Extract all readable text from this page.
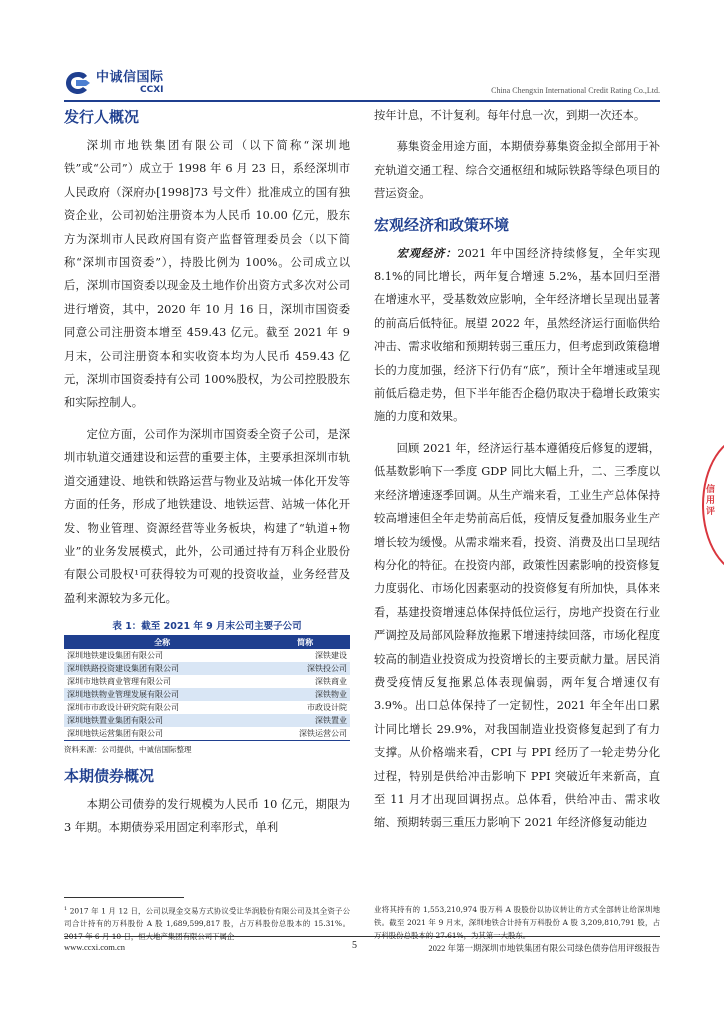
中诚信国际
CCXI	China Chengxin International Credit Rating Co.,Ltd.
发行人概况

深圳市地铁集团有限公司（以下简称“深圳地铁”或“公司”）成立于 1998 年 6 月 23 日，系经深圳市人民政府（深府办[1998]73 号文件）批准成立的国有独资企业，公司初始注册资本为人民币 10.00 亿元，股东方为深圳市人民政府国有资产监督管理委员会（以下简称“深圳市国资委”），持股比例为 100%。公司成立以后，深圳市国资委以现金及土地作价出资方式多次对公司进行增资，其中，2020 年 10 月 16 日，深圳市国资委同意公司注册资本增至 459.43 亿元。截至 2021 年 9 月末，公司注册资本和实收资本均为人民币 459.43 亿元，深圳市国资委持有公司 100%股权，为公司控股股东和实际控制人。

定位方面，公司作为深圳市国资委全资子公司，是深圳市轨道交通建设和运营的重要主体，主要承担深圳市轨道交通建设、地铁和铁路运营与物业及站城一体化开发等方面的任务，形成了地铁建设、地铁运营、站城一体化开发、物业管理、资源经营等业务板块，构建了“轨道+物业”的业务发展模式，此外，公司通过持有万科企业股份有限公司股权¹可获得较为可观的投资收益，业务经营及盈利来源较为多元化。

表 1：截至 2021 年 9 月末公司主要子公司
全称	简称
深圳地铁建设集团有限公司	深铁建设
深圳铁路投资建设集团有限公司	深铁投公司
深圳市地铁商业管理有限公司	深铁商业
深圳地铁物业管理发展有限公司	深铁物业
深圳市市政设计研究院有限公司	市政设计院
深圳地铁置业集团有限公司	深铁置业
深圳地铁运营集团有限公司	深铁运营公司
资料来源：公司提供，中诚信国际整理
本期债券概况

本期公司债券的发行规模为人民币 10 亿元，期限为 3 年期。本期债券采用固定利率形式，单利

按年计息，不计复利。每年付息一次，到期一次还本。

募集资金用途方面，本期债券募集资金拟全部用于补充轨道交通工程、综合交通枢纽和城际铁路等绿色项目的营运资金。

宏观经济和政策环境

宏观经济：2021 年中国经济持续修复，全年实现 8.1%的同比增长，两年复合增速 5.2%，基本回归至潜在增速水平，受基数效应影响，全年经济增长呈现出显著的前高后低特征。展望 2022 年，虽然经济运行面临供给冲击、需求收缩和预期转弱三重压力，但考虑到政策稳增长的力度加强，经济下行仍有“底”，预计全年增速或呈现前低后稳走势，但下半年能否企稳仍取决于稳增长政策实施的力度和效果。

回顾 2021 年，经济运行基本遵循疫后修复的逻辑，低基数影响下一季度 GDP 同比大幅上升，二、三季度以来经济增速逐季回调。从生产端来看，工业生产总体保持较高增速但全年走势前高后低，疫情反复叠加服务业生产增长较为缓慢。从需求端来看，投资、消费及出口呈现结构分化的特征。在投资内部，政策性因素影响的投资修复力度弱化、市场化因素驱动的投资修复有所加快，具体来看，基建投资增速总体保持低位运行，房地产投资在行业严调控及局部风险释放拖累下增速持续回落，市场化程度较高的制造业投资成为投资增长的主要贡献力量。居民消费受疫情反复拖累总体表现偏弱，两年复合增速仅有 3.9%。出口总体保持了一定韧性，2021 年全年出口累计同比增长 29.9%，对我国制造业投资修复起到了有力支撑。从价格端来看，CPI 与 PPI 经历了一轮走势分化过程，特别是供给冲击影响下 PPI 突破近年来新高，直至 11 月才出现回调拐点。总体看，供给冲击、需求收缩、预期转弱三重压力影响下 2021 年经济修复动能边

$^1$ 2017 年 1 月 12 日，公司以现金交易方式协议受让华润股份有限公司及其全资子公司合计持有的万科股份 A 股 1,689,599,817 股，占万科股份总股本的 15.31%。
业将其持有的 1,553,210,974 股万科 A 股股份以协议转让的方式全部转让给深圳地铁。截至 2021 年 9 月末，深圳地铁合计持有万科股份 A 股 3,209,810,791 股，占
www.ccxi.com.cn	5	2022 年第一期深圳市地铁集团有限公司绿色债券信用评级报告
信用评
